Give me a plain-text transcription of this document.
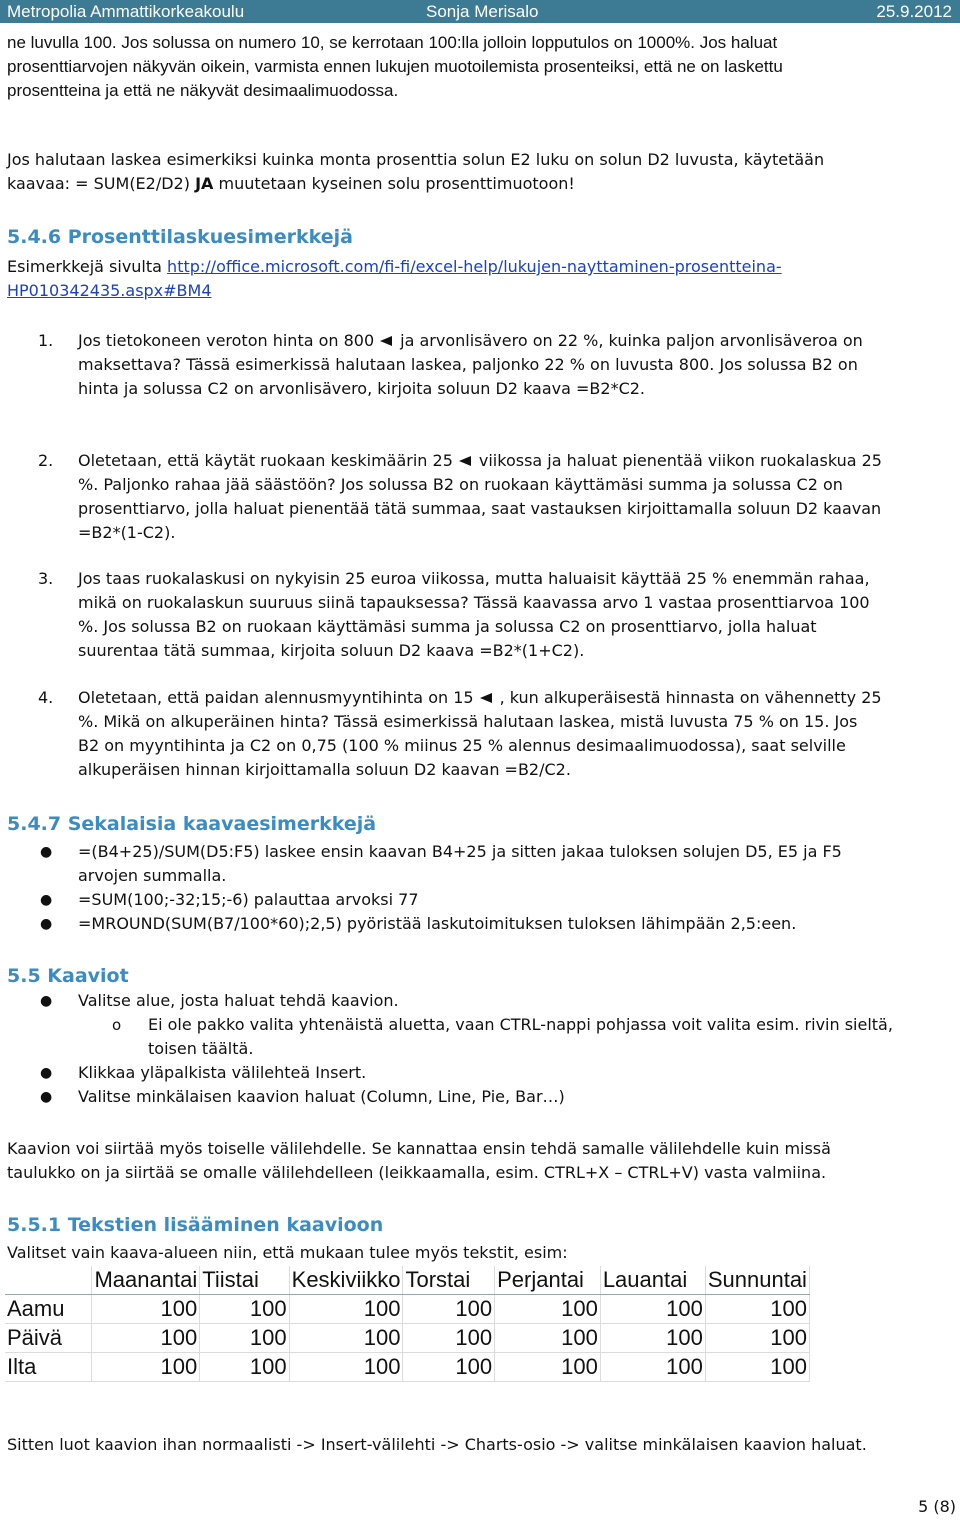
Metropolia Ammattikorkeakoulu	Sonja Merisalo	25.9.2012
ne luvulla 100. Jos solussa on numero 10, se kerrotaan 100:lla jolloin lopputulos on 1000%. Jos haluat
prosenttiarvojen näkyvän oikein, varmista ennen lukujen muotoilemista prosenteiksi, että ne on laskettu
prosentteina ja että ne näkyvät desimaalimuodossa.
Jos halutaan laskea esimerkiksi kuinka monta prosenttia solun E2 luku on solun D2 luvusta, käytetään
kaavaa: = SUM(E2/D2) JA muutetaan kyseinen solu prosenttimuotoon!
5.4.6 Prosenttilaskuesimerkkejä
Esimerkkejä sivulta http://office.microsoft.com/fi-fi/excel-help/lukujen-nayttaminen-prosentteina-
HP010342435.aspx#BM4
1. Jos tietokoneen veroton hinta on 800 ja arvonlisävero on 22 %, kuinka paljon arvonlisäveroa on
maksettava? Tässä esimerkissä halutaan laskea, paljonko 22 % on luvusta 800. Jos solussa B2 on
hinta ja solussa C2 on arvonlisävero, kirjoita soluun D2 kaava =B2*C2.
2. Oletetaan, että käytät ruokaan keskimäärin 25 viikossa ja haluat pienentää viikon ruokalaskua 25
%. Paljonko rahaa jää säästöön? Jos solussa B2 on ruokaan käyttämäsi summa ja solussa C2 on
prosenttiarvo, jolla haluat pienentää tätä summaa, saat vastauksen kirjoittamalla soluun D2 kaavan
=B2*(1-C2).
3. Jos taas ruokalaskusi on nykyisin 25 euroa viikossa, mutta haluaisit käyttää 25 % enemmän rahaa,
mikä on ruokalaskun suuruus siinä tapauksessa? Tässä kaavassa arvo 1 vastaa prosenttiarvoa 100
%. Jos solussa B2 on ruokaan käyttämäsi summa ja solussa C2 on prosenttiarvo, jolla haluat
suurentaa tätä summaa, kirjoita soluun D2 kaava =B2*(1+C2).
4. Oletetaan, että paidan alennusmyyntihinta on 15 , kun alkuperäisestä hinnasta on vähennetty 25
%. Mikä on alkuperäinen hinta? Tässä esimerkissä halutaan laskea, mistä luvusta 75 % on 15. Jos
B2 on myyntihinta ja C2 on 0,75 (100 % miinus 25 % alennus desimaalimuodossa), saat selville
alkuperäisen hinnan kirjoittamalla soluun D2 kaavan =B2/C2.
5.4.7 Sekalaisia kaavaesimerkkejä
● =(B4+25)/SUM(D5:F5) laskee ensin kaavan B4+25 ja sitten jakaa tuloksen solujen D5, E5 ja F5
arvojen summalla.
● =SUM(100;-32;15;-6) palauttaa arvoksi 77
● =MROUND(SUM(B7/100*60);2,5) pyöristää laskutoimituksen tuloksen lähimpään 2,5:een.
5.5 Kaaviot
● Valitse alue, josta haluat tehdä kaavion.
o Ei ole pakko valita yhtenäistä aluetta, vaan CTRL-nappi pohjassa voit valita esim. rivin sieltä,
toisen täältä.
● Klikkaa yläpalkista välilehteä Insert.
● Valitse minkälaisen kaavion haluat (Column, Line, Pie, Bar…)
Kaavion voi siirtää myös toiselle välilehdelle. Se kannattaa ensin tehdä samalle välilehdelle kuin missä
taulukko on ja siirtää se omalle välilehdelleen (leikkaamalla, esim. CTRL+X – CTRL+V) vasta valmiina.
5.5.1 Tekstien lisääminen kaavioon
Valitset vain kaava-alueen niin, että mukaan tulee myös tekstit, esim:
	Maanantai	Tiistai	Keskiviikko	Torstai	Perjantai	Lauantai	Sunnuntai
Aamu	100	100	100	100	100	100	100
Päivä	100	100	100	100	100	100	100
Ilta	100	100	100	100	100	100	100
Sitten luot kaavion ihan normaalisti -> Insert-välilehti -> Charts-osio -> valitse minkälaisen kaavion haluat.
5 (8)
